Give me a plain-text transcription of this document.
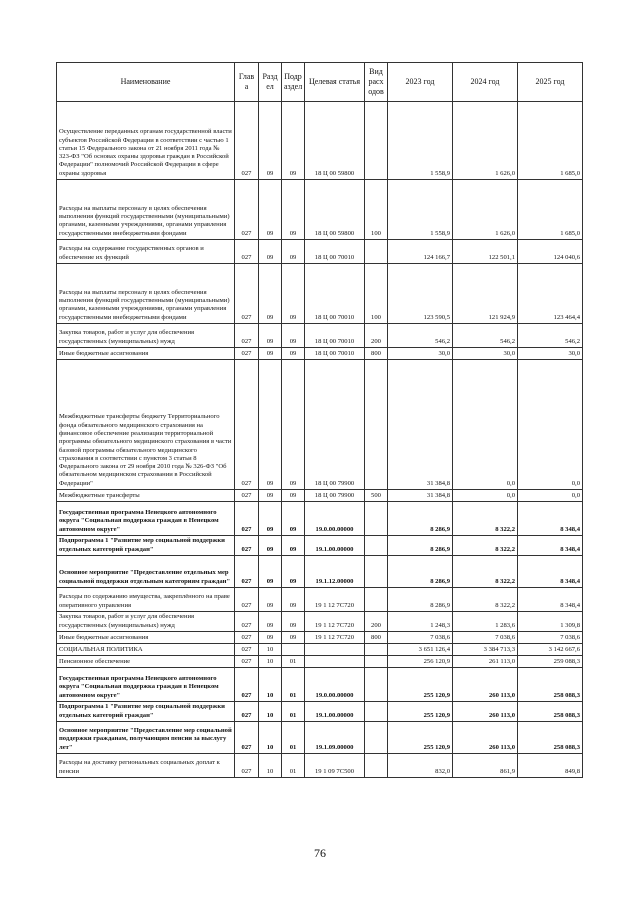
Наименование	Глав а	Разд ел	Подр аздел	Целевая статья	Вид расх одов	2023 год	2024 год	2025 год
Осуществление переданных органам государственной власти субъектов Российской Федерации в соответствии с частью 1 статьи 15 Федерального закона от 21 ноября 2011 года № 323-ФЗ "Об основах охраны здоровья граждан в Российской Федерации" полномочий Российской Федерации в сфере охраны здоровья	027	09	09	18 Ц 00 59800		1 558,9	1 626,0	1 685,0
Расходы на выплаты персоналу в целях обеспечения выполнения функций государственными (муниципальными) органами, казенными учреждениями, органами управления государственными внебюджетными фондами	027	09	09	18 Ц 00 59800	100	1 558,9	1 626,0	1 685,0
Расходы на содержание государственных органов и обеспечение их функций	027	09	09	18 Ц 00 70010		124 166,7	122 501,1	124 040,6
Расходы на выплаты персоналу в целях обеспечения выполнения функций государственными (муниципальными) органами, казенными учреждениями, органами управления государственными внебюджетными фондами	027	09	09	18 Ц 00 70010	100	123 590,5	121 924,9	123 464,4
Закупка товаров, работ и услуг для обеспечения государственных (муниципальных) нужд	027	09	09	18 Ц 00 70010	200	546,2	546,2	546,2
Иные бюджетные ассигнования	027	09	09	18 Ц 00 70010	800	30,0	30,0	30,0
Межбюджетные трансферты бюджету Территориального фонда обязательного медицинского страхования на финансовое обеспечение реализации территориальной программы обязательного медицинского страхования в части базовой программы обязательного медицинского страхования в соответствии с пунктом 3 статьи 8 Федерального закона от 29 ноября 2010 года № 326-ФЗ "Об обязательном медицинском страховании в Российской Федерации"	027	09	09	18 Ц 00 79900		31 384,8	0,0	0,0
Межбюджетные трансферты	027	09	09	18 Ц 00 79900	500	31 384,8	0,0	0,0
Государственная программа Ненецкого автономного округа "Социальная поддержка граждан в Ненецком автономном округе"	027	09	09	19.0.00.00000		8 286,9	8 322,2	8 348,4
Подпрограмма 1 "Развитие мер социальной поддержки отдельных категорий граждан"	027	09	09	19.1.00.00000		8 286,9	8 322,2	8 348,4
Основное мероприятие "Предоставление отдельных мер социальной поддержки отдельным категориям граждан"	027	09	09	19.1.12.00000		8 286,9	8 322,2	8 348,4
Расходы по содержанию имущества, закреплённого на праве оперативного управления	027	09	09	19 1 12 7С720		8 286,9	8 322,2	8 348,4
Закупка товаров, работ и услуг для обеспечения государственных (муниципальных) нужд	027	09	09	19 1 12 7С720	200	1 248,3	1 283,6	1 309,8
Иные бюджетные ассигнования	027	09	09	19 1 12 7С720	800	7 038,6	7 038,6	7 038,6
СОЦИАЛЬНАЯ ПОЛИТИКА	027	10				3 651 126,4	3 384 713,3	3 142 667,6
Пенсионное обеспечение	027	10	01			256 120,9	261 113,0	259 088,3
Государственная программа Ненецкого автономного округа "Социальная поддержка граждан в Ненецком автономном округе"	027	10	01	19.0.00.00000		255 120,9	260 113,0	258 088,3
Подпрограмма 1 "Развитие мер социальной поддержки отдельных категорий граждан"	027	10	01	19.1.00.00000		255 120,9	260 113,0	258 088,3
Основное мероприятие "Предоставление мер социальной поддержки гражданам, получающим пенсии за выслугу лет"	027	10	01	19.1.09.00000		255 120,9	260 113,0	258 088,3
Расходы на доставку региональных социальных доплат к пенсии	027	10	01	19 1 09 7С500		832,0	861,9	849,8
76
